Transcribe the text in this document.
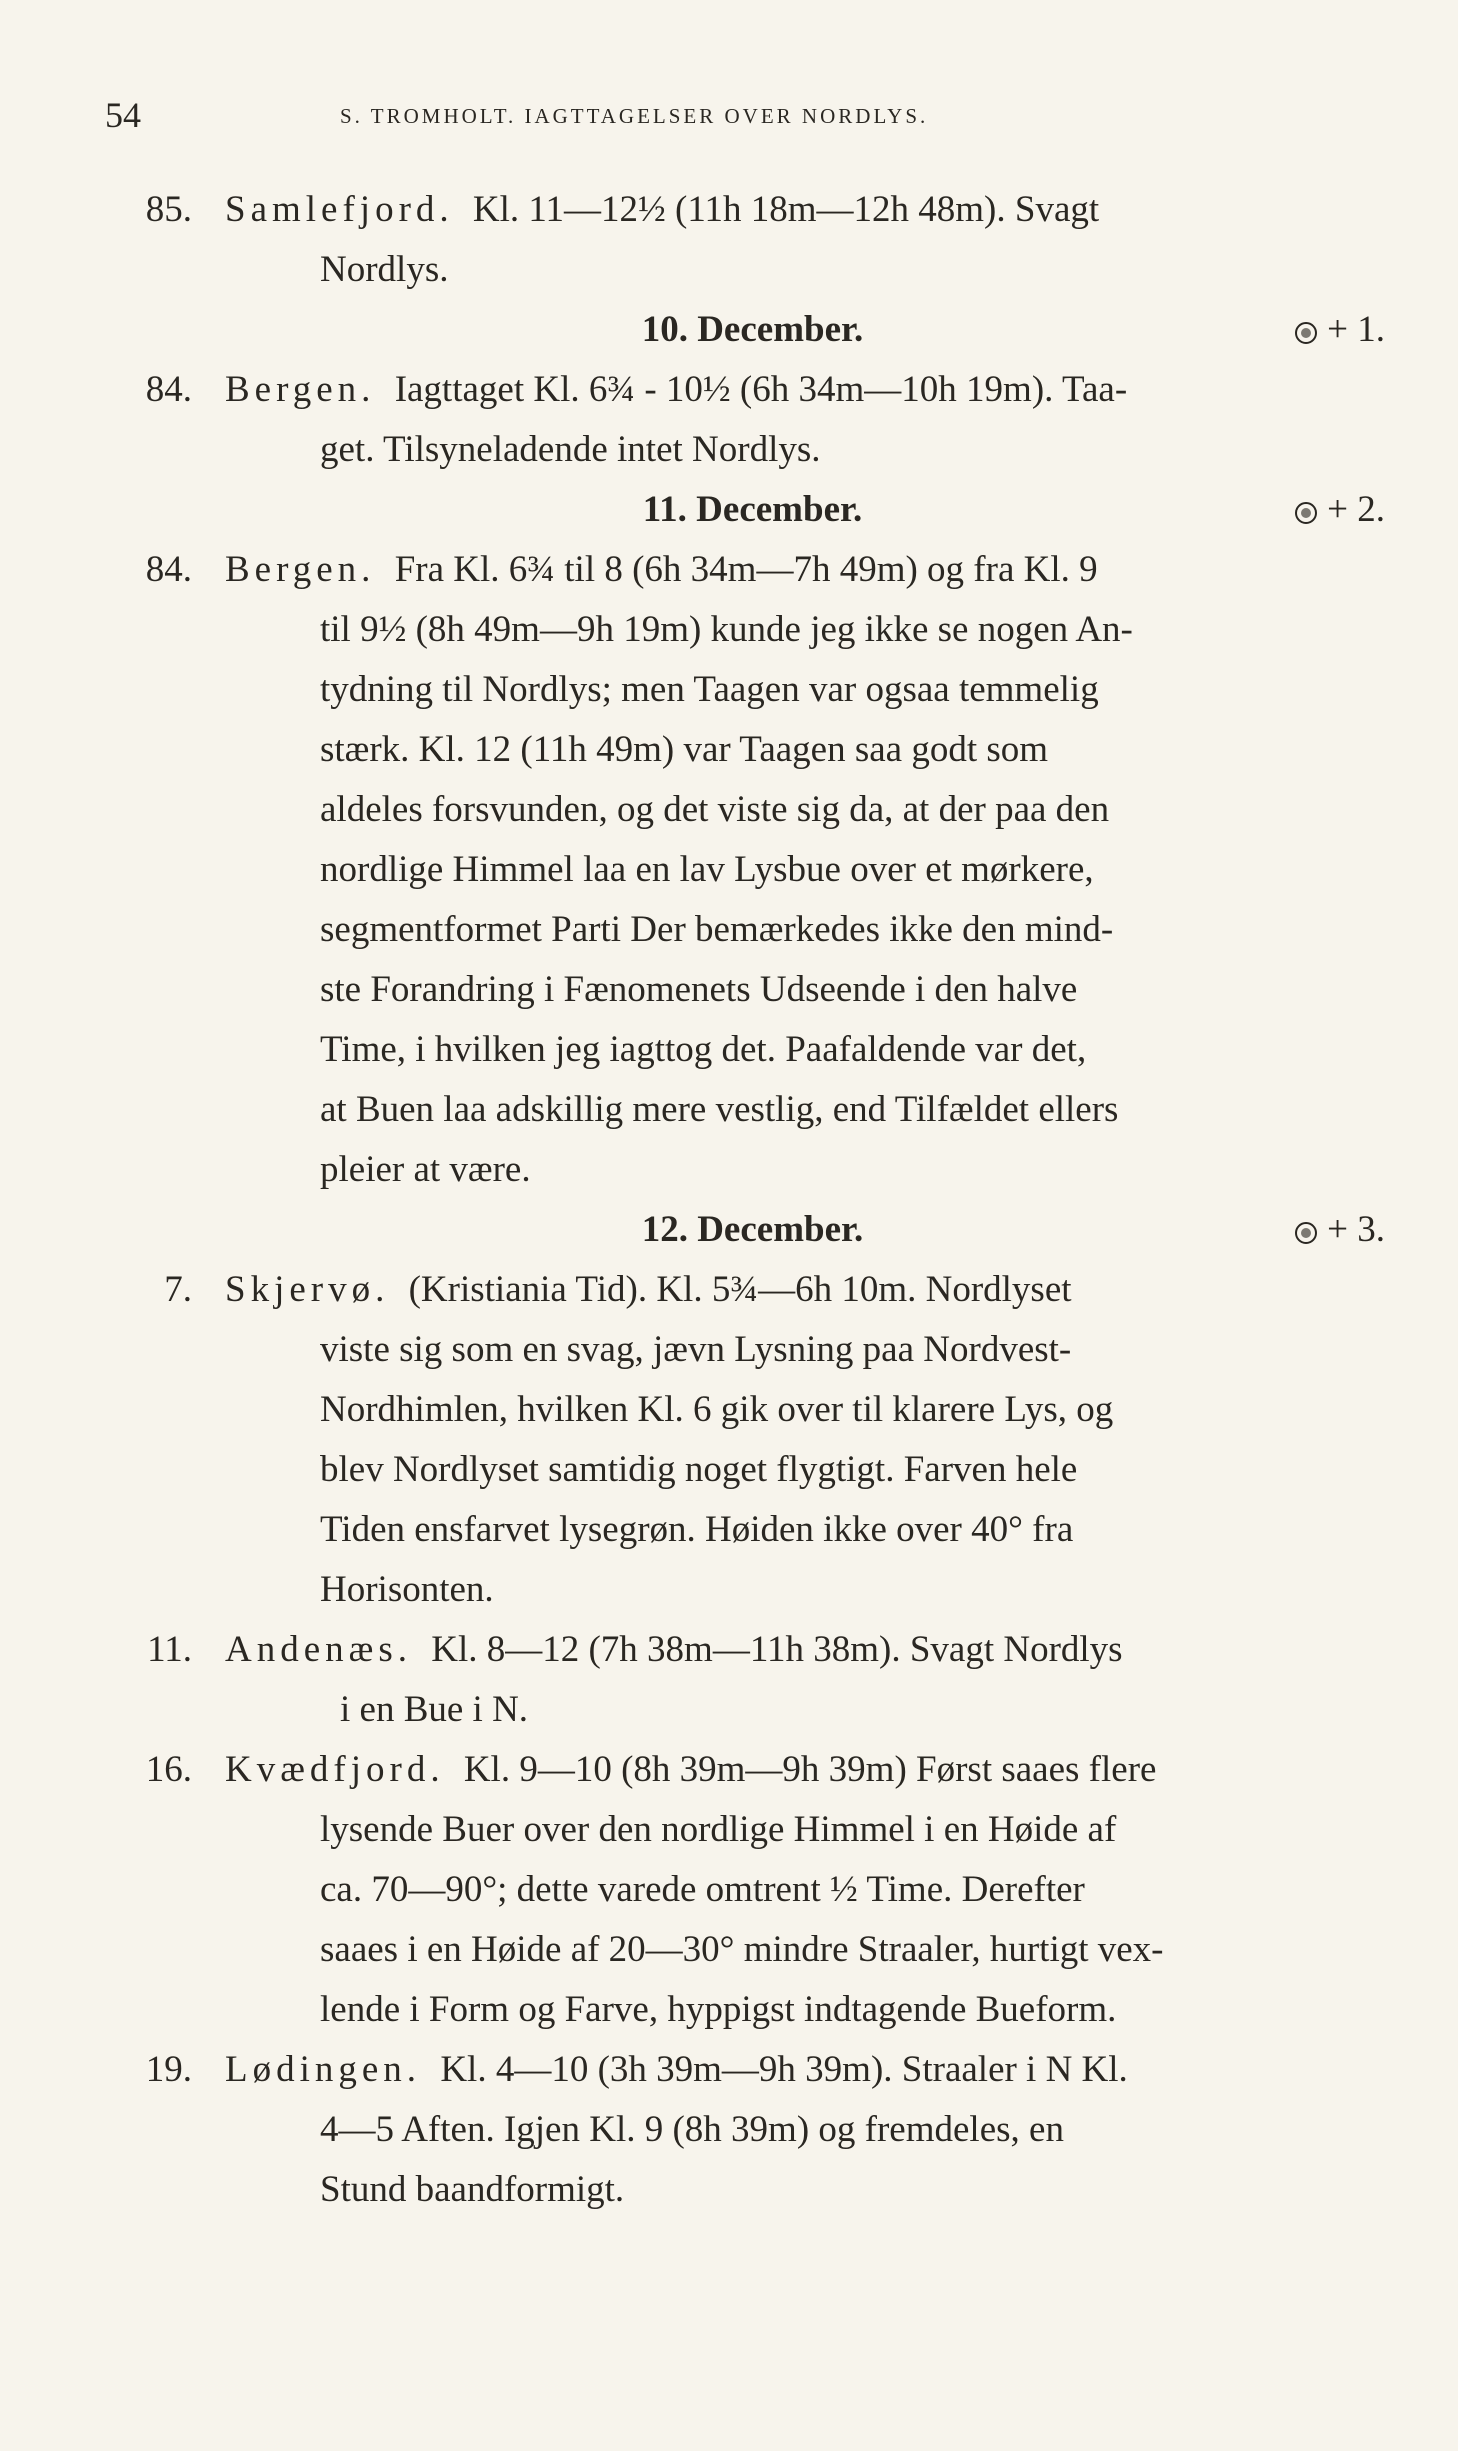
54	S. TROMHOLT. IAGTTAGELSER OVER NORDLYS.

85. Samlefjord. Kl. 11—12½ (11h 18m—12h 48m). Svagt
Nordlys.

10. December.	+ 1.

84. Bergen. Iagttaget Kl. 6¾ - 10½ (6h 34m—10h 19m). Taa-
get. Tilsyneladende intet Nordlys.

11. December.	+ 2.

84. Bergen. Fra Kl. 6¾ til 8 (6h 34m—7h 49m) og fra Kl. 9
til 9½ (8h 49m—9h 19m) kunde jeg ikke se nogen An-
tydning til Nordlys; men Taagen var ogsaa temmelig
stærk. Kl. 12 (11h 49m) var Taagen saa godt som
aldeles forsvunden, og det viste sig da, at der paa den
nordlige Himmel laa en lav Lysbue over et mørkere,
segmentformet Parti Der bemærkedes ikke den mind-
ste Forandring i Fænomenets Udseende i den halve
Time, i hvilken jeg iagttog det. Paafaldende var det,
at Buen laa adskillig mere vestlig, end Tilfældet ellers
pleier at være.

12. December.	+ 3.

7. Skjervø. (Kristiania Tid). Kl. 5¾—6h 10m. Nordlyset
viste sig som en svag, jævn Lysning paa Nordvest-
Nordhimlen, hvilken Kl. 6 gik over til klarere Lys, og
blev Nordlyset samtidig noget flygtigt. Farven hele
Tiden ensfarvet lysegrøn. Høiden ikke over 40° fra
Horisonten.

11. Andenæs. Kl. 8—12 (7h 38m—11h 38m). Svagt Nordlys
i en Bue i N.

16. Kvædfjord. Kl. 9—10 (8h 39m—9h 39m) Først saaes flere
lysende Buer over den nordlige Himmel i en Høide af
ca. 70—90°; dette varede omtrent ½ Time. Derefter
saaes i en Høide af 20—30° mindre Straaler, hurtigt vex-
lende i Form og Farve, hyppigst indtagende Bueform.

19. Lødingen. Kl. 4—10 (3h 39m—9h 39m). Straaler i N Kl.
4—5 Aften. Igjen Kl. 9 (8h 39m) og fremdeles, en
Stund baandformigt.
